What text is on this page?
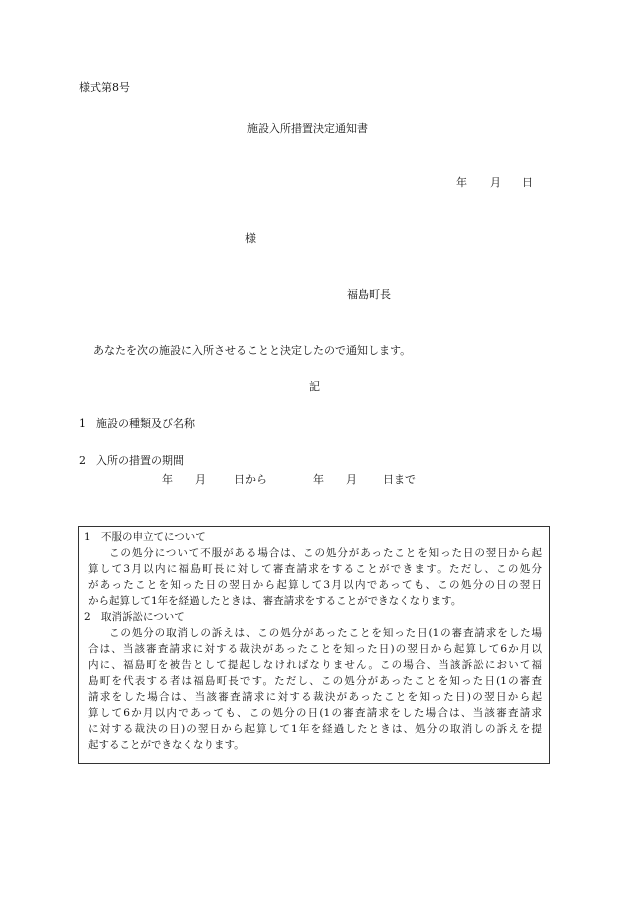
様式第8号
施設入所措置決定通知書
年 月 日
様
福島町長
あなたを次の施設に入所させることと決定したので通知します。
記
1 施設の種類及び名称
2 入所の措置の期間
年 月	日から	年 月 日まで
1 不服の申立てについて
この処分について不服がある場合は、この処分があったことを知った日の翌日から起
算して3月以内に福島町長に対して審査請求をすることができます。ただし、この処分
があったことを知った日の翌日から起算して3月以内であっても、この処分の日の翌日
から起算して1年を経過したときは、審査請求をすることができなくなります。
2 取消訴訟について
この処分の取消しの訴えは、この処分があったことを知った日(1の審査請求をした場
合は、当該審査請求に対する裁決があったことを知った日)の翌日から起算して6か月以
内に、福島町を被告として提起しなければなりません。この場合、当該訴訟において福
島町を代表する者は福島町長です。ただし、この処分があったことを知った日(1の審査
請求をした場合は、当該審査請求に対する裁決があったことを知った日)の翌日から起
算して6か月以内であっても、この処分の日(1の審査請求をした場合は、当該審査請求
に対する裁決の日)の翌日から起算して1年を経過したときは、処分の取消しの訴えを提
起することができなくなります。
